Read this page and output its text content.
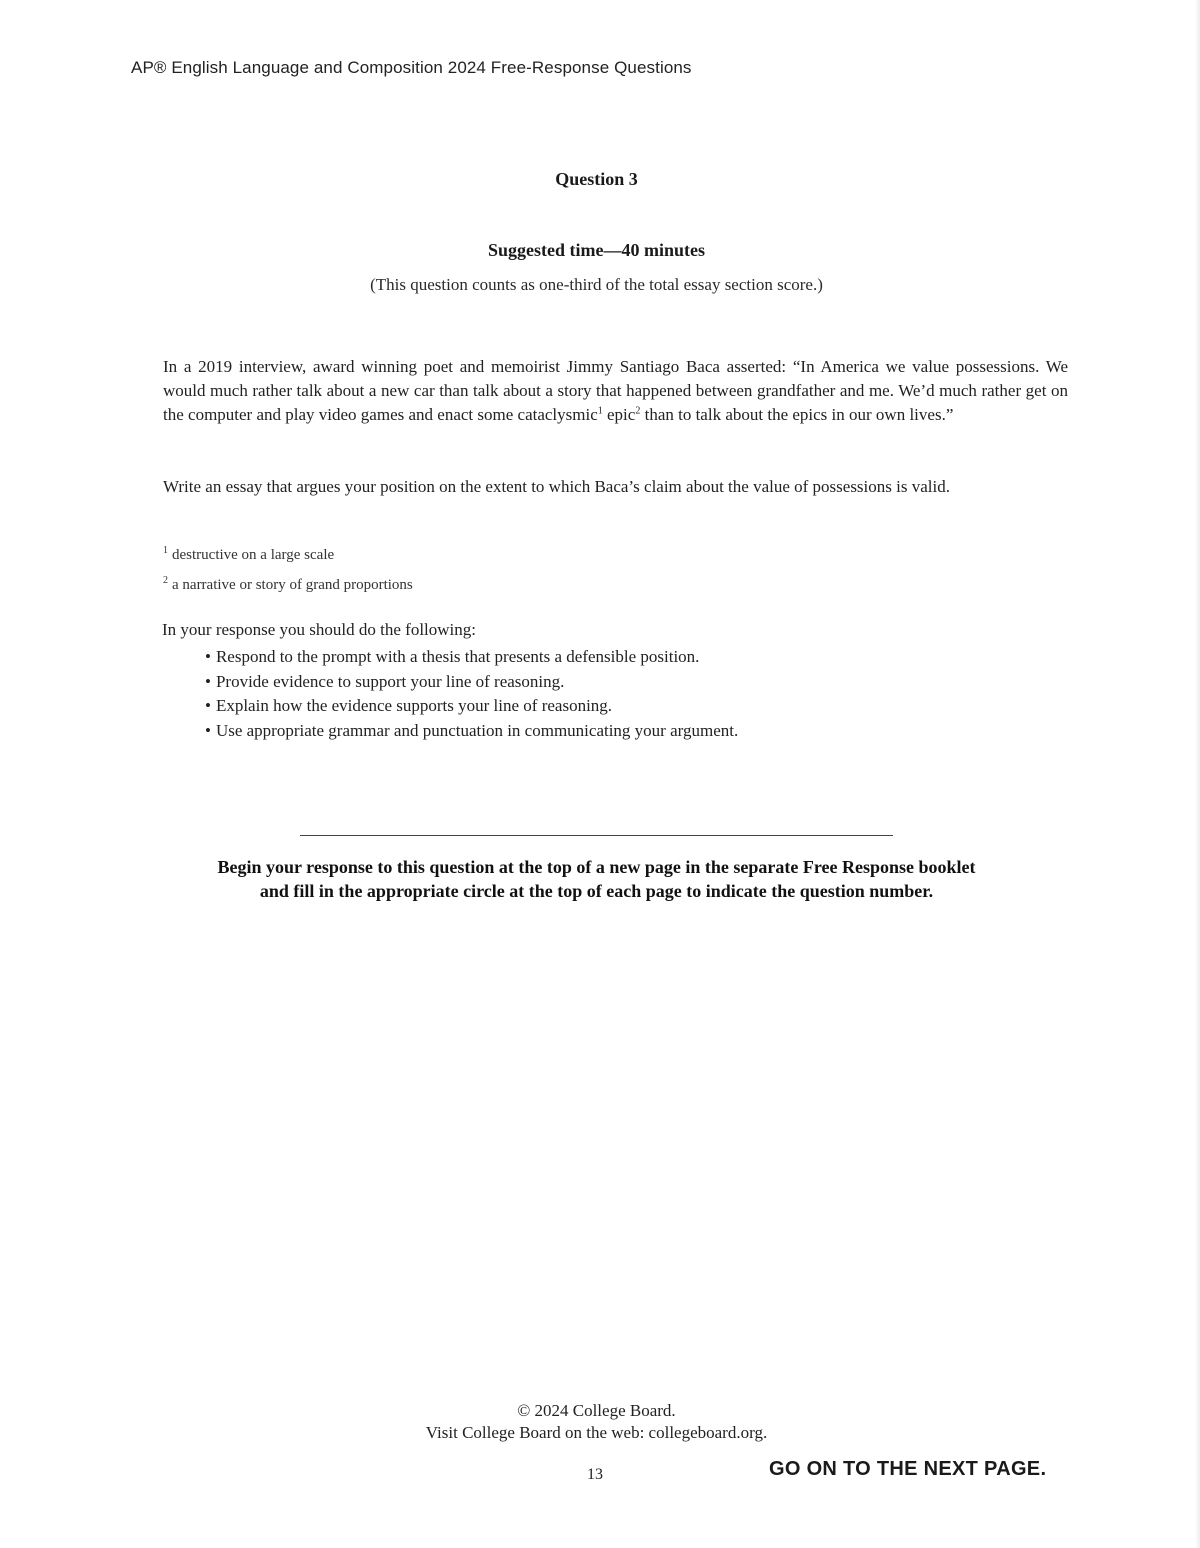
AP® English Language and Composition 2024 Free-Response Questions
Question 3
Suggested time—40 minutes
(This question counts as one-third of the total essay section score.)

In a 2019 interview, award winning poet and memoirist Jimmy Santiago Baca asserted: “In America we value possessions. We would much rather talk about a new car than talk about a story that happened between grandfather and me. We’d much rather get on the computer and play video games and enact some cataclysmic$^1$ epic$^2$ than to talk about the epics in our own lives.”

Write an essay that argues your position on the extent to which Baca’s claim about the value of possessions is valid.

$^1$ destructive on a large scale
$^2$ a narrative or story of grand proportions
In your response you should do the following:
• Respond to the prompt with a thesis that presents a defensible position.
• Provide evidence to support your line of reasoning.
• Explain how the evidence supports your line of reasoning.
• Use appropriate grammar and punctuation in communicating your argument.
Begin your response to this question at the top of a new page in the separate Free Response booklet
and fill in the appropriate circle at the top of each page to indicate the question number.
© 2024 College Board.
Visit College Board on the web: collegeboard.org.
13	GO ON TO THE NEXT PAGE.
